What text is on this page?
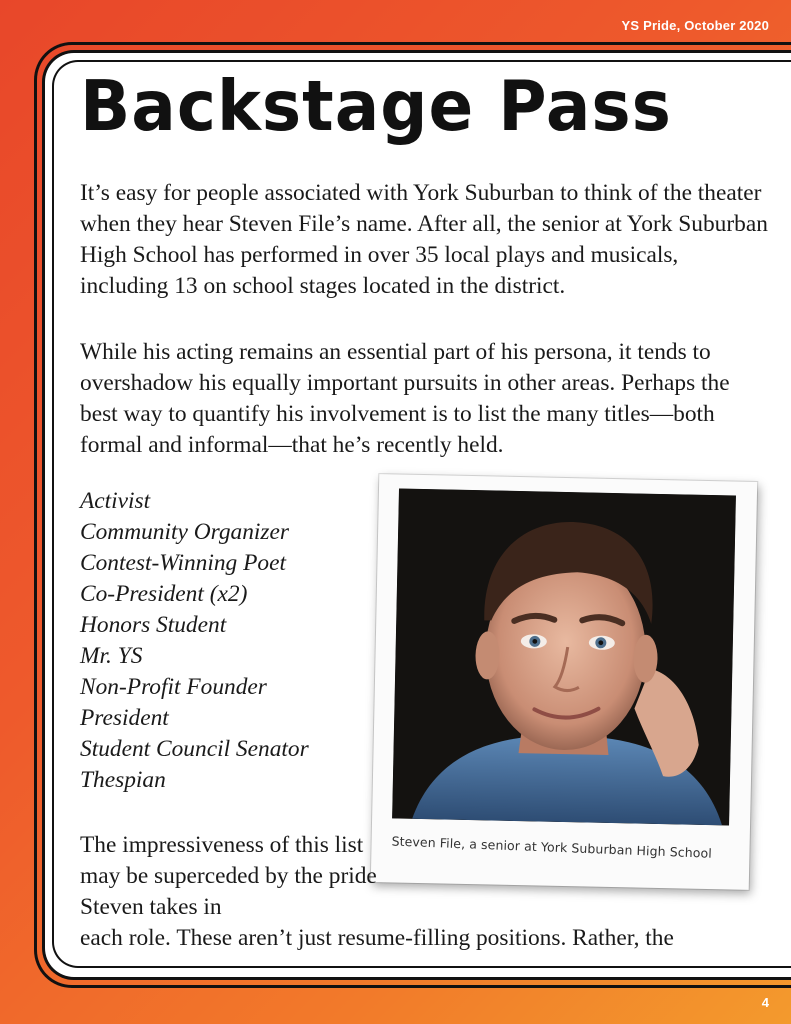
YS Pride, October 2020
Backstage Pass

It’s easy for people associated with York Suburban to think of the theater when they hear Steven File’s name. After all, the senior at York Suburban High School has performed in over 35 local plays and musicals, including 13 on school stages located in the district.

While his acting remains an essential part of his persona, it tends to overshadow his equally important pursuits in other areas. Perhaps the best way to quantify his involvement is to list the many titles—both formal and informal—that he’s recently held.

Activist
Community Organizer
Contest-Winning Poet
Co-President (x2)
Honors Student
Mr. YS
Non-Profit Founder
President
Student Council Senator
Thespian
Steven File, a senior at York Suburban High School

The impressiveness of this list may be superceded by the pride Steven takes in

each role. These aren’t just resume-filling positions. Rather, the

4
